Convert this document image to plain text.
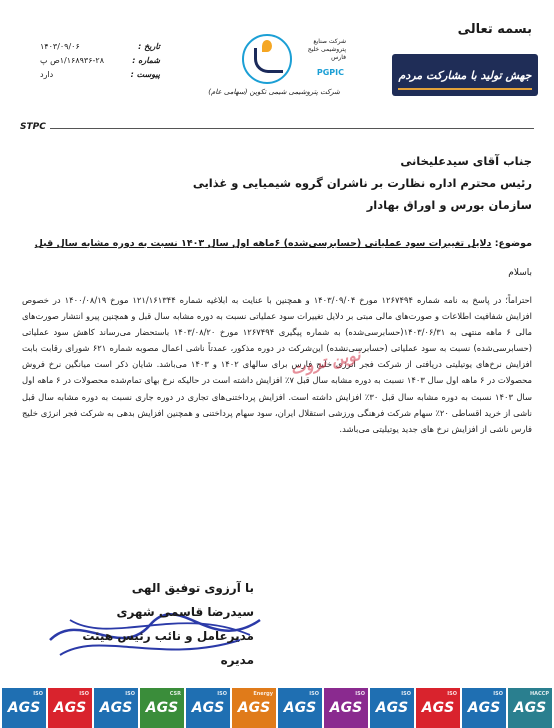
بسمه تعالی
جهش تولید با مشارکت مردم
شرکت صنایع پتروشیمی خلیج فارس
PGPIC
شرکت پتروشیمی شیمی تکوین (سهامی عام)
تاریخ :
۱۴۰۳/۰۹/۰۶
شماره :
۱/۱۶۸۹۳۶-۲۸ص پ
پیوست :
دارد
STPC
جناب آقای سیدعلیخانی
رئیس محترم اداره نظارت بر ناشران گروه شیمیایی و غذایی
سازمان بورس و اوراق بهادار
موضوع: دلایل تغییرات سود عملیاتی (حسابرسی‌شده) ۶ماهه اول سال ۱۴۰۳ نسبت به دوره مشابه سال قبل
باسلام

احتراماً؛ در پاسخ به نامه شماره ۱۲۶۷۴۹۴ مورخ ۱۴۰۳/۰۹/۰۴ و همچنین با عنایت به ابلاغیه شماره ۱۲۱/۱۶۱۳۴۴ مورخ ۱۴۰۰/۰۸/۱۹ در خصوص افزایش شفافیت اطلاعات و صورت‌های مالی مبتی بر دلایل تغییرات سود عملیاتی نسبت به دوره مشابه سال قبل و همچنین پیرو انتشار صورت‌های مالی ۶ ماهه منتهی به ۱۴۰۳/۰۶/۳۱(حسابرسی‌شده) به شماره پیگیری ۱۲۶۷۴۹۴ مورخ ۱۴۰۳/۰۸/۲۰ باستحضار می‌رساند کاهش سود عملیاتی (حسابرسی‌شده) نسبت به سود عملیاتی (حسابرسی‌نشده) این‌شرکت در دوره مذکور، عمدتاً ناشی اعمال مصوبه شماره ۶۲۱ شورای رقابت بابت افزایش نرخ‌های یوتیلیتی دریافتی از شرکت فجر انرژی خلیج فارس برای سالهای ۱۴۰۲ و ۱۴۰۳ می‌باشد. شایان ذکر است میانگین نرخ فروش محصولات در ۶ ماهه اول سال ۱۴۰۳ نسبت به دوره مشابه سال قبل ۷٪ افزایش داشته است در حالیکه نرخ بهای تمام‌شده محصولات در ۶ ماهه اول سال ۱۴۰۳ نسبت به دوره مشابه سال قبل ۳۰٪ افزایش داشته است. افزایش پرداختنی‌های تجاری در دوره جاری نسبت به دوره مشابه سال قبل ناشی از خرید اقساطی ۲۰٪ سهام شرکت فرهنگی ورزشی استقلال ایران، سود سهام پرداختنی و همچنین افزایش بدهی به شرکت فجر انرژی خلیج فارس ناشی از افزایش نرخ های جدید یوتیلیتی می‌باشد.

نوین تروت
با آرزوی توفیق الهی
سیدرضا قاسمی شهری
مدیرعامل و نائب رئیس هیئت مدیره
ISO
AGS
ISO
AGS
ISO
AGS
CSR
AGS
ISO
AGS
Energy
AGS
ISO
AGS
ISO
AGS
ISO
AGS
ISO
AGS
ISO
AGS
HACCP
AGS
